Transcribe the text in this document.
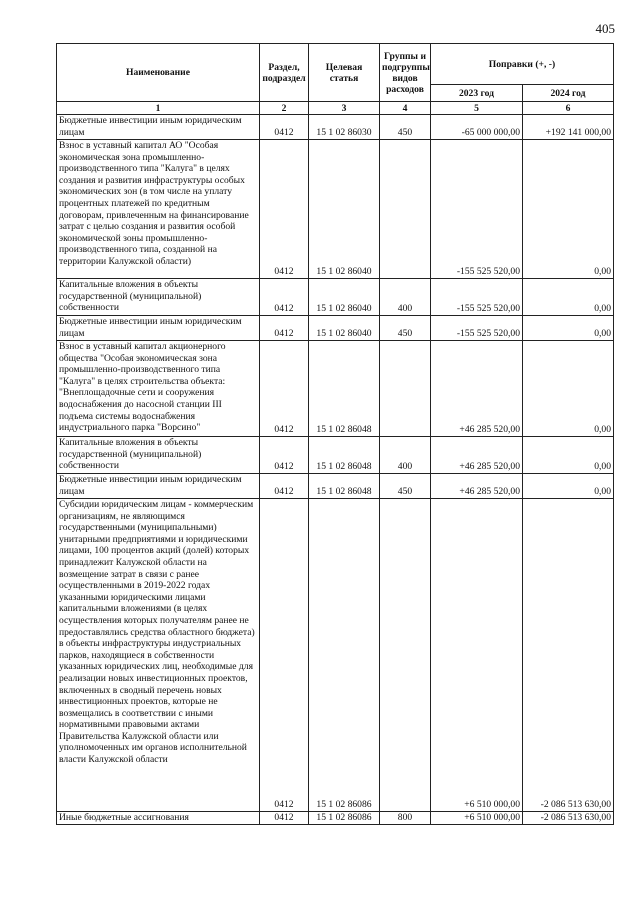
405
Наименование	Раздел, подраздел	Целевая статья	Группы и подгруппы видов расходов	Поправки (+, -)	
				2023 год	2024 год
1	2	3	4	5	6
Бюджетные инвестиции иным юридическим лицам	0412	15 1 02 86030	450	-65 000 000,00	+192 141 000,00
Взнос в уставный капитал АО "Особая экономическая зона промышленно-производственного типа "Калуга" в целях создания и развития инфраструктуры особых экономических зон (в том числе на уплату процентных платежей по кредитным договорам, привлеченным на финансирование затрат с целью создания и развития особой экономической зоны промышленно-производственного типа, созданной на территории Калужской области)	0412	15 1 02 86040		-155 525 520,00	0,00
Капитальные вложения в объекты государственной (муниципальной) собственности	0412	15 1 02 86040	400	-155 525 520,00	0,00
Бюджетные инвестиции иным юридическим лицам	0412	15 1 02 86040	450	-155 525 520,00	0,00
Взнос в уставный капитал акционерного общества "Особая экономическая зона промышленно-производственного типа "Калуга" в целях строительства объекта: "Внеплощадочные сети и сооружения водоснабжения до насосной станции III подъема системы водоснабжения индустриального парка "Ворсино"	0412	15 1 02 86048		+46 285 520,00	0,00
Капитальные вложения в объекты государственной (муниципальной) собственности	0412	15 1 02 86048	400	+46 285 520,00	0,00
Бюджетные инвестиции иным юридическим лицам	0412	15 1 02 86048	450	+46 285 520,00	0,00
Субсидии юридическим лицам - коммерческим организациям, не являющимся государственными (муниципальными) унитарными предприятиями и юридическими лицами, 100 процентов акций (долей) которых принадлежит Калужской области на возмещение затрат в связи с ранее осуществленными в 2019-2022 годах указанными юридическими лицами капитальными вложениями (в целях осуществления которых получателям ранее не предоставлялись средства областного бюджета) в объекты инфраструктуры индустриальных парков, находящиеся в собственности указанных юридических лиц, необходимые для реализации новых инвестиционных проектов, включенных в сводный перечень новых инвестиционных проектов, которые не возмещались в соответствии с иными нормативными правовыми актами Правительства Калужской области или уполномоченных им органов исполнительной власти Калужской области	0412	15 1 02 86086		+6 510 000,00	-2 086 513 630,00
Иные бюджетные ассигнования	0412	15 1 02 86086	800	+6 510 000,00	-2 086 513 630,00
